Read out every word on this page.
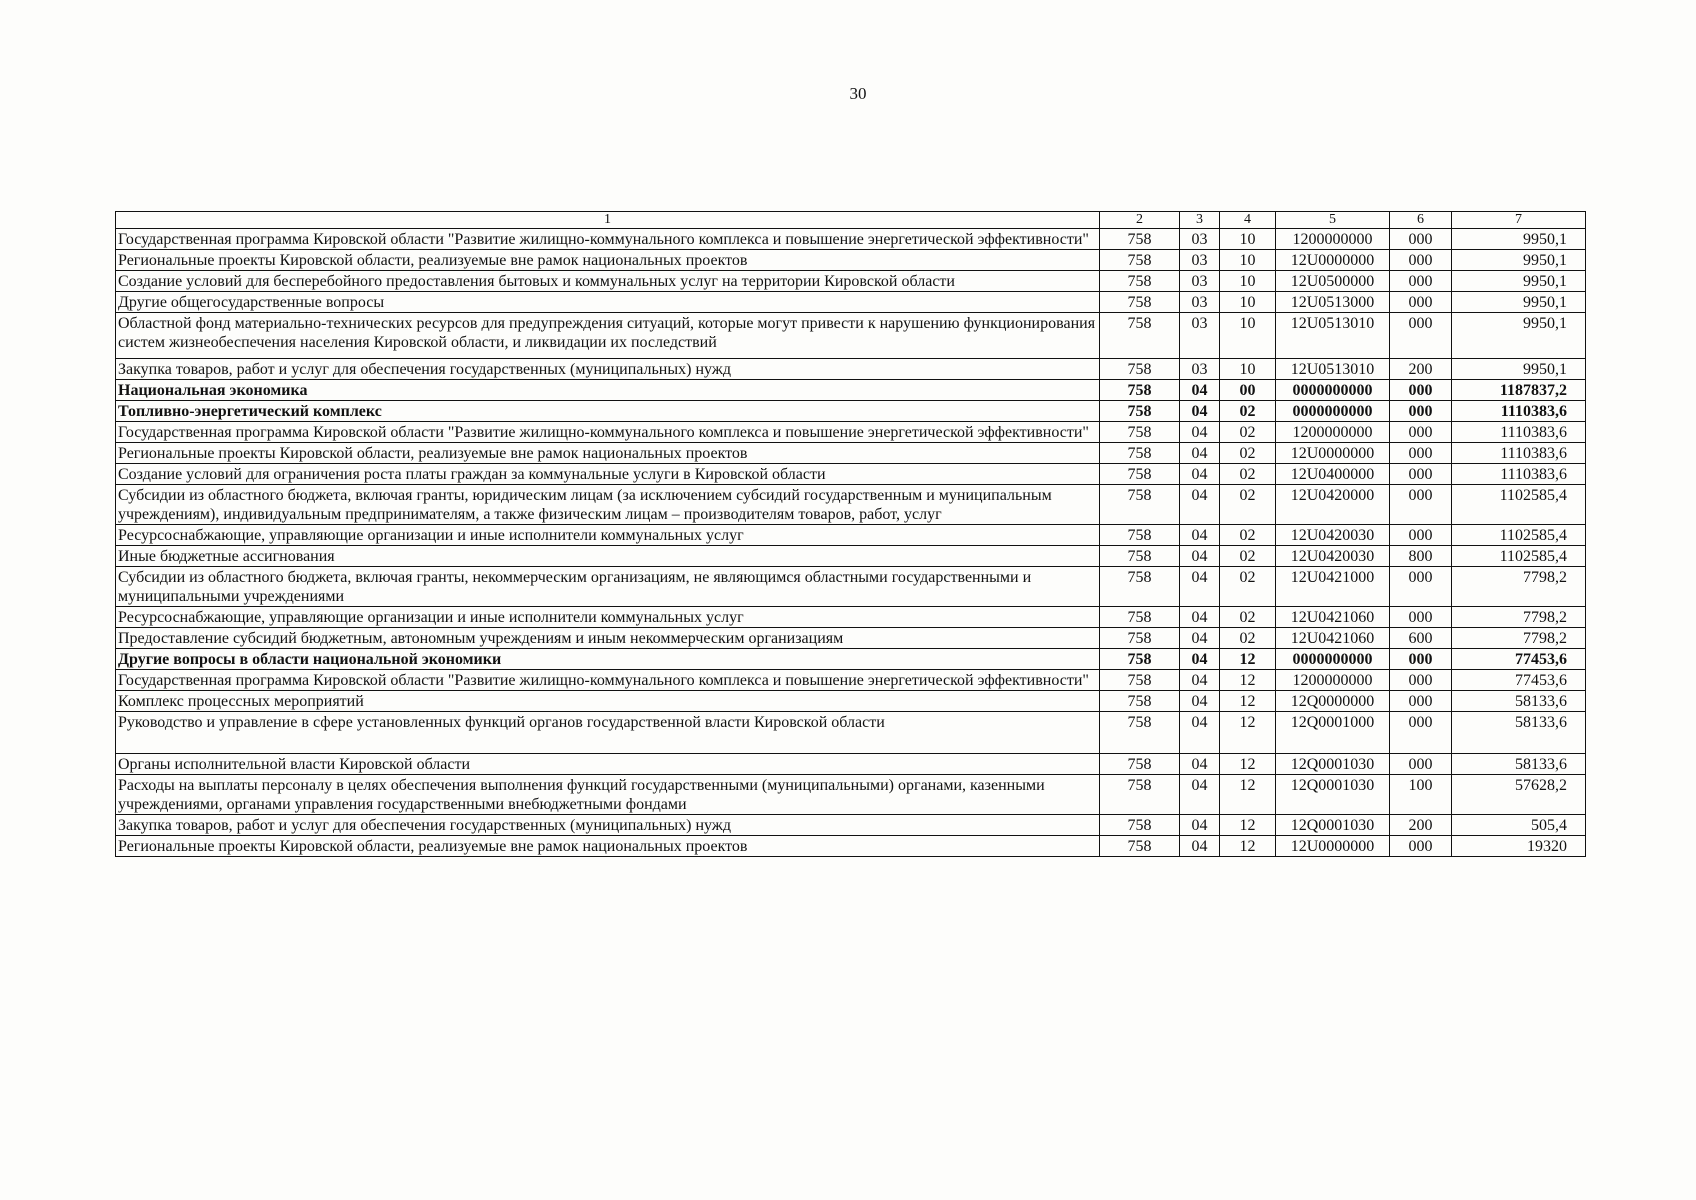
30
1	2	3	4	5	6	7
Государственная программа Кировской области "Развитие жилищно-коммунального комплекса и повышение энергетической эффективности"	758	03	10	1200000000	000	9950,1
Региональные проекты Кировской области, реализуемые вне рамок национальных проектов	758	03	10	12U0000000	000	9950,1
Создание условий для бесперебойного предоставления бытовых и коммунальных услуг на территории Кировской области	758	03	10	12U0500000	000	9950,1
Другие общегосударственные вопросы	758	03	10	12U0513000	000	9950,1
Областной фонд материально-технических ресурсов для предупреждения ситуаций, которые могут привести к нарушению функционирования систем жизнеобеспечения населения Кировской области, и ликвидации их последствий	758	03	10	12U0513010	000	9950,1
Закупка товаров, работ и услуг для обеспечения государственных (муниципальных) нужд	758	03	10	12U0513010	200	9950,1
Национальная экономика	758	04	00	0000000000	000	1187837,2
Топливно-энергетический комплекс	758	04	02	0000000000	000	1110383,6
Государственная программа Кировской области "Развитие жилищно-коммунального комплекса и повышение энергетической эффективности"	758	04	02	1200000000	000	1110383,6
Региональные проекты Кировской области, реализуемые вне рамок национальных проектов	758	04	02	12U0000000	000	1110383,6
Создание условий для ограничения роста платы граждан за коммунальные услуги в Кировской области	758	04	02	12U0400000	000	1110383,6
Субсидии из областного бюджета, включая гранты, юридическим лицам (за исключением субсидий государственным и муниципальным учреждениям), индивидуальным предпринимателям, а также физическим лицам – производителям товаров, работ, услуг	758	04	02	12U0420000	000	1102585,4
Ресурсоснабжающие, управляющие организации и иные исполнители коммунальных услуг	758	04	02	12U0420030	000	1102585,4
Иные бюджетные ассигнования	758	04	02	12U0420030	800	1102585,4
Субсидии из областного бюджета, включая гранты, некоммерческим организациям, не являющимся областными государственными и муниципальными учреждениями	758	04	02	12U0421000	000	7798,2
Ресурсоснабжающие, управляющие организации и иные исполнители коммунальных услуг	758	04	02	12U0421060	000	7798,2
Предоставление субсидий бюджетным, автономным учреждениям и иным некоммерческим организациям	758	04	02	12U0421060	600	7798,2
Другие вопросы в области национальной экономики	758	04	12	0000000000	000	77453,6
Государственная программа Кировской области "Развитие жилищно-коммунального комплекса и повышение энергетической эффективности"	758	04	12	1200000000	000	77453,6
Комплекс процессных мероприятий	758	04	12	12Q0000000	000	58133,6
Руководство и управление в сфере установленных функций органов государственной власти Кировской области	758	04	12	12Q0001000	000	58133,6
Органы исполнительной власти Кировской области	758	04	12	12Q0001030	000	58133,6
Расходы на выплаты персоналу в целях обеспечения выполнения функций государственными (муниципальными) органами, казенными учреждениями, органами управления государственными внебюджетными фондами	758	04	12	12Q0001030	100	57628,2
Закупка товаров, работ и услуг для обеспечения государственных (муниципальных) нужд	758	04	12	12Q0001030	200	505,4
Региональные проекты Кировской области, реализуемые вне рамок национальных проектов	758	04	12	12U0000000	000	19320
